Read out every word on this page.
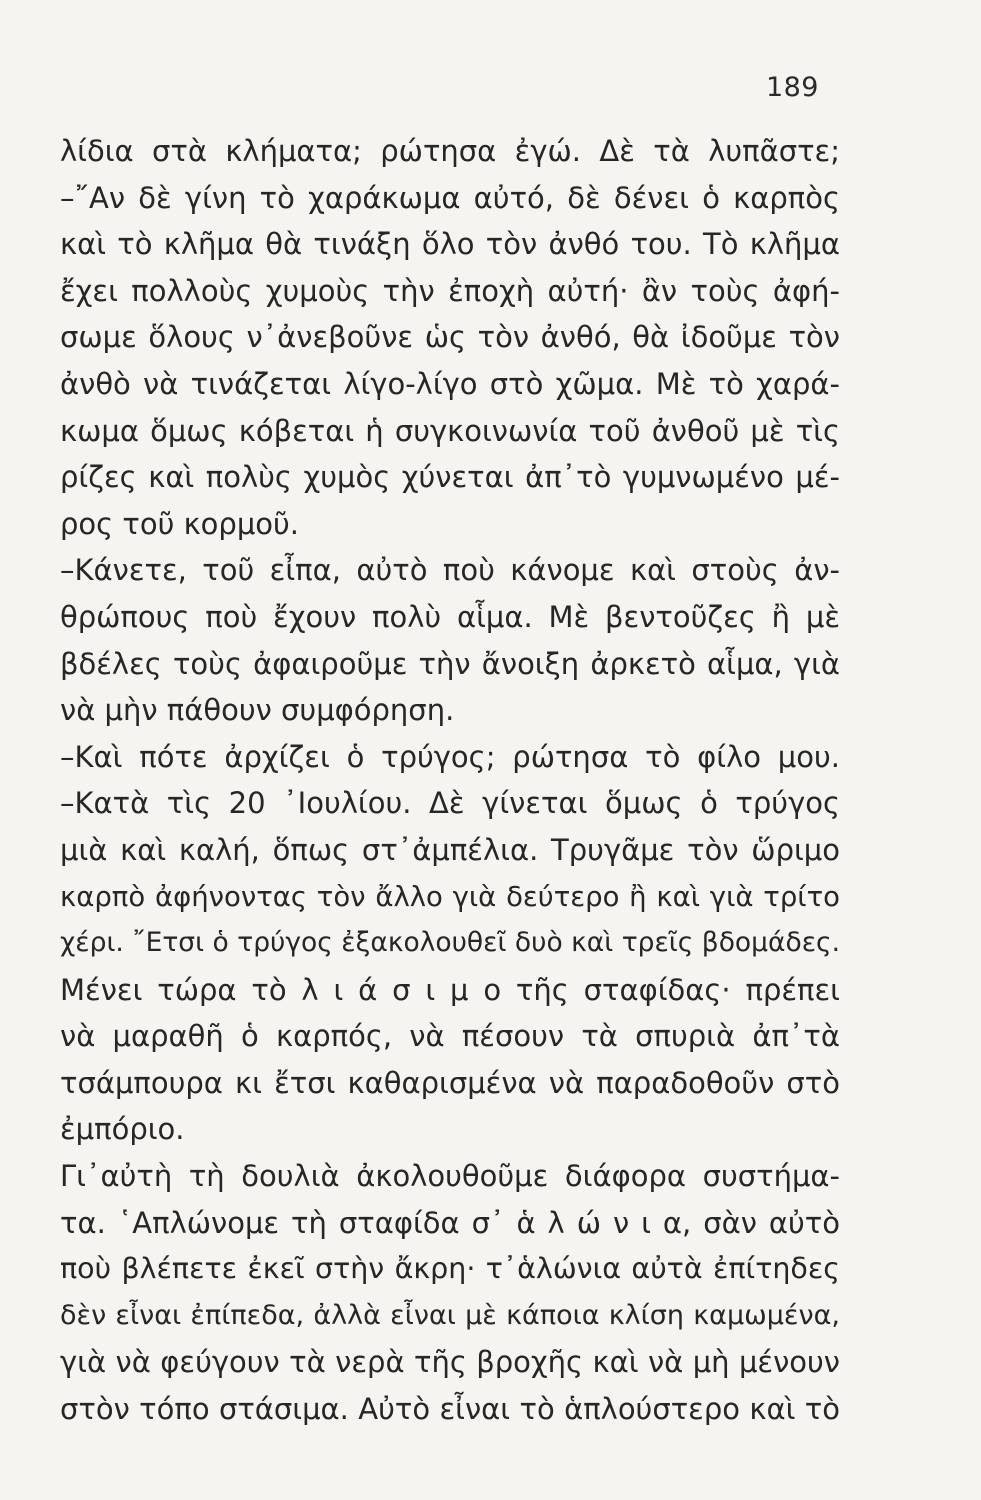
189
λίδια στὰ κλήματα; ρώτησα ἐγώ. Δὲ τὰ λυπᾶστε;
–῎Αν δὲ γίνη τὸ χαράκωμα αὐτό, δὲ δένει ὁ καρπὸς
καὶ τὸ κλῆμα θὰ τινάξη ὅλο τὸν ἀνθό του. Τὸ κλῆμα
ἔχει πολλοὺς χυμοὺς τὴν ἐποχὴ αὐτή· ἂν τοὺς ἀφή-
σωμε ὅλους ν᾽ἀνεβοῦνε ὡς τὸν ἀνθό, θὰ ἰδοῦμε τὸν
ἀνθὸ νὰ τινάζεται λίγο-λίγο στὸ χῶμα. Μὲ τὸ χαρά-
κωμα ὅμως κόβεται ἡ συγκοινωνία τοῦ ἀνθοῦ μὲ τὶς
ρίζες καὶ πολὺς χυμὸς χύνεται ἀπ᾽τὸ γυμνωμένο μέ-
ρος τοῦ κορμοῦ.
–Κάνετε, τοῦ εἶπα, αὐτὸ ποὺ κάνομε καὶ στοὺς ἀν-
θρώπους ποὺ ἔχουν πολὺ αἷμα. Μὲ βεντοῦζες ἢ μὲ
βδέλες τοὺς ἀφαιροῦμε τὴν ἄνοιξη ἀρκετὸ αἷμα, γιὰ
νὰ μὴν πάθουν συμφόρηση.
–Καὶ πότε ἀρχίζει ὁ τρύγος; ρώτησα τὸ φίλο μου.
–Κατὰ τὶς 20 ᾽Ιουλίου. Δὲ γίνεται ὅμως ὁ τρύγος
μιὰ καὶ καλή, ὅπως στ᾽ἀμπέλια. Τρυγᾶμε τὸν ὥριμο
καρπὸ ἀφήνοντας τὸν ἄλλο γιὰ δεύτερο ἢ καὶ γιὰ τρίτο
χέρι. ῎Ετσι ὁ τρύγος ἐξακολουθεῖ δυὸ καὶ τρεῖς βδομάδες.
Μένει τώρα τὸ λ ι ά σ ι μ ο τῆς σταφίδας· πρέπει
νὰ μαραθῆ ὁ καρπός, νὰ πέσουν τὰ σπυριὰ ἀπ᾽τὰ
τσάμπουρα κι ἔτσι καθαρισμένα νὰ παραδοθοῦν στὸ
ἐμπόριο.
Γι᾽αὐτὴ τὴ δουλιὰ ἀκολουθοῦμε διάφορα συστήμα-
τα. ῾Απλώνομε τὴ σταφίδα σ᾽ ἁ λ ώ ν ι α, σὰν αὐτὸ
ποὺ βλέπετε ἐκεῖ στὴν ἄκρη· τ᾽ἁλώνια αὐτὰ ἐπίτηδες
δὲν εἶναι ἐπίπεδα, ἀλλὰ εἶναι μὲ κάποια κλίση καμωμένα,
γιὰ νὰ φεύγουν τὰ νερὰ τῆς βροχῆς καὶ νὰ μὴ μένουν
στὸν τόπο στάσιμα. Αὐτὸ εἶναι τὸ ἁπλούστερο καὶ τὸ
